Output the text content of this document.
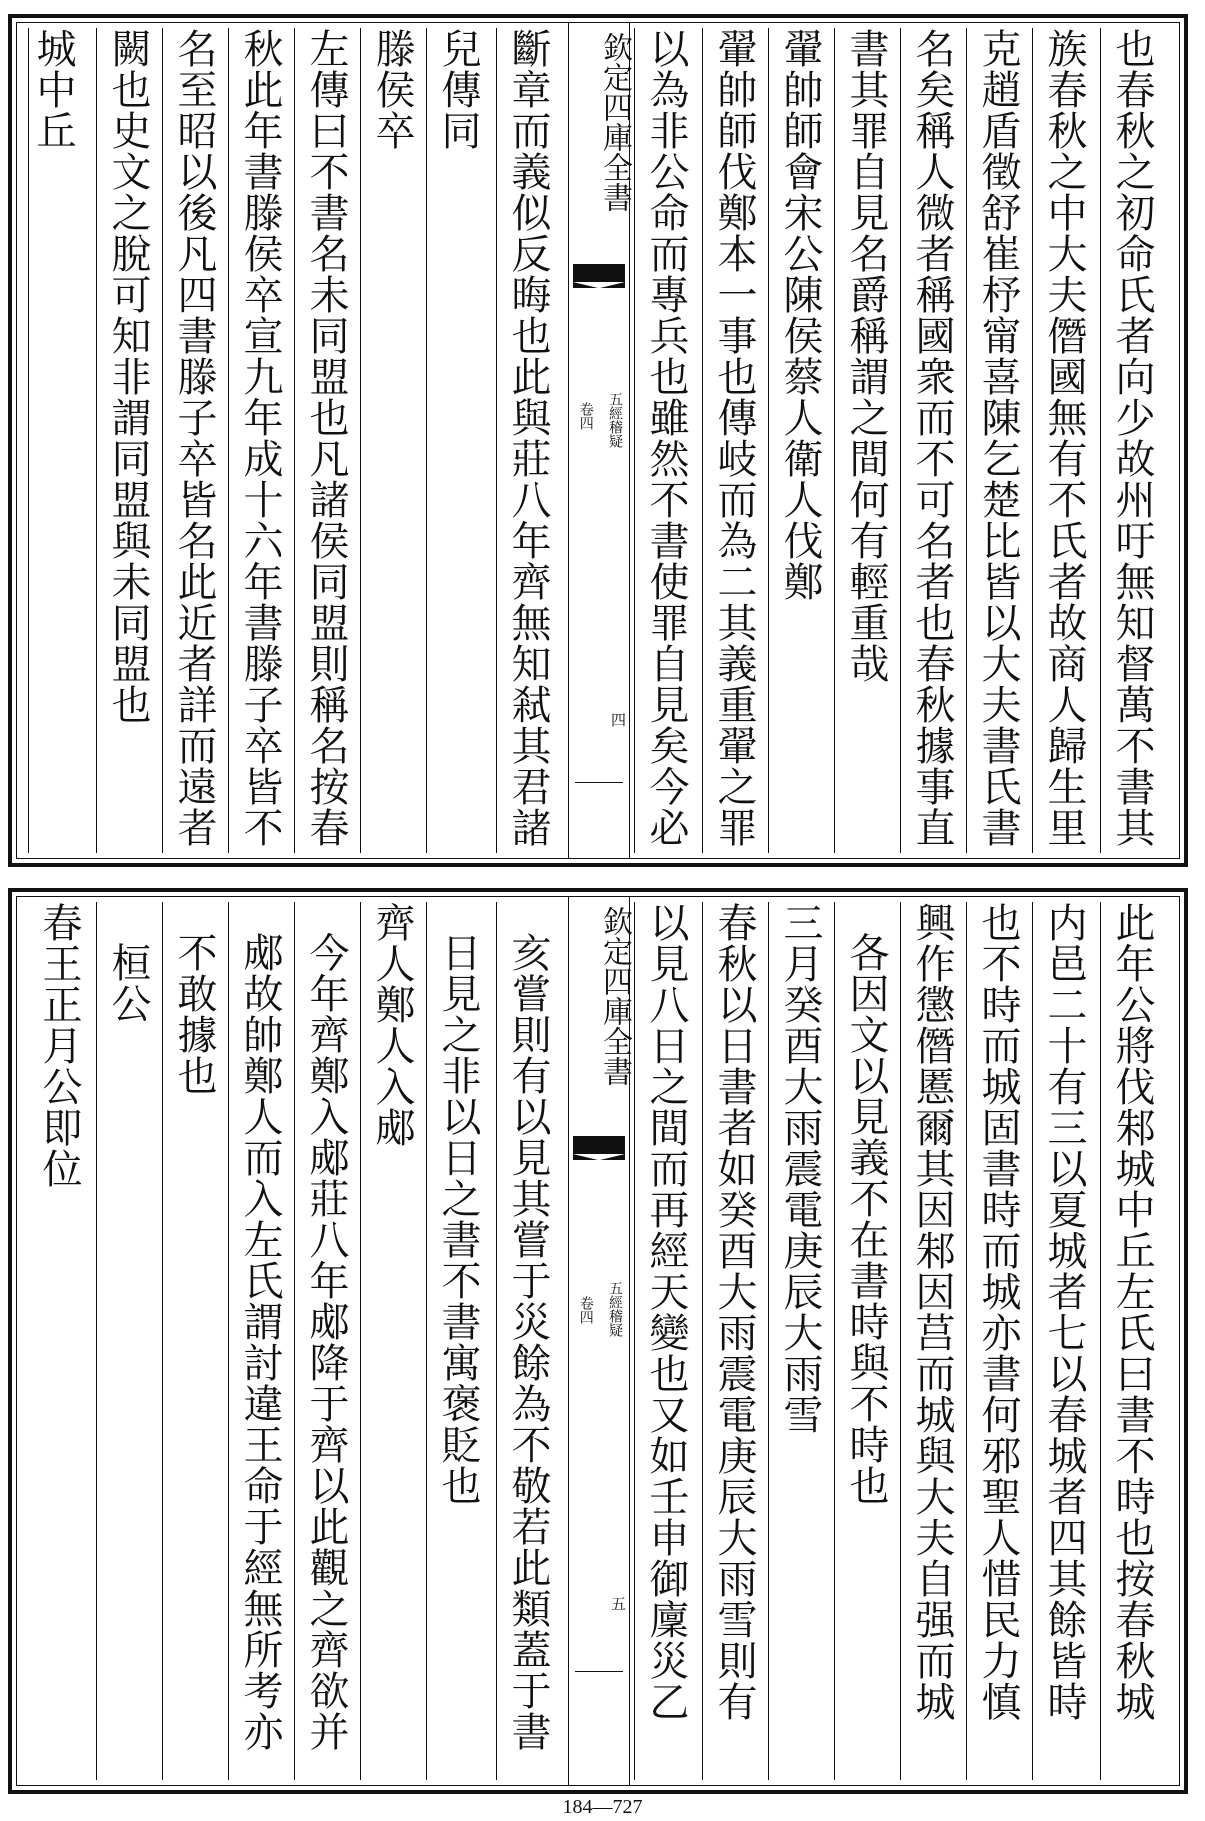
城中丘 闕也史文之脫可知非謂同盟與未同盟也 名至昭以後凡四書滕子卒皆名此近者詳而遠者 秋此年書滕侯卒宣九年成十六年書滕子卒皆不 左傳曰不書名未同盟也凡諸侯同盟則稱名按春 滕侯卒 兒傳同 斷章而義似反晦也此與莊八年齊無知弒其君諸	欽定四庫全書
五經稽疑
卷四
四 以為非公命而專兵也雖然不書使罪自見矣今必 翬帥師伐鄭本一事也傳岐而為二其義重翬之罪 翬帥師會宋公陳侯蔡人衛人伐鄭 書其罪自見名爵稱謂之間何有輕重哉 名矣稱人微者稱國衆而不可名者也春秋據事直 克趙盾徵舒崔杼甯喜陳乞楚比皆以大夫書氏書 族春秋之中大夫僭國無有不氏者故商人歸生里 也春秋之初命氏者向少故州吁無知督萬不書其
春王正月公即位 桓公 不敢據也 郕故帥鄭人而入左氏謂討違王命于經無所考亦 今年齊鄭入郕莊八年郕降于齊以此觀之齊欲并 齊人鄭人入郕 日見之非以日之書不書寓褒貶也 亥嘗則有以見其嘗于災餘為不敬若此類蓋于書	欽定四庫全書
五經稽疑
卷四
五 以見八日之間而再經天變也又如壬申御廩災乙 春秋以日書者如癸酉大雨震電庚辰大雨雪則有 三月癸酉大雨震電庚辰大雨雪 各因文以見義不在書時與不時也 興作懲僭慝爾其因邾因莒而城與大夫自强而城 也不時而城固書時而城亦書何邪聖人惜民力慎 内邑二十有三以夏城者七以春城者四其餘皆時 此年公將伐邾城中丘左氏曰書不時也按春秋城
184—727
